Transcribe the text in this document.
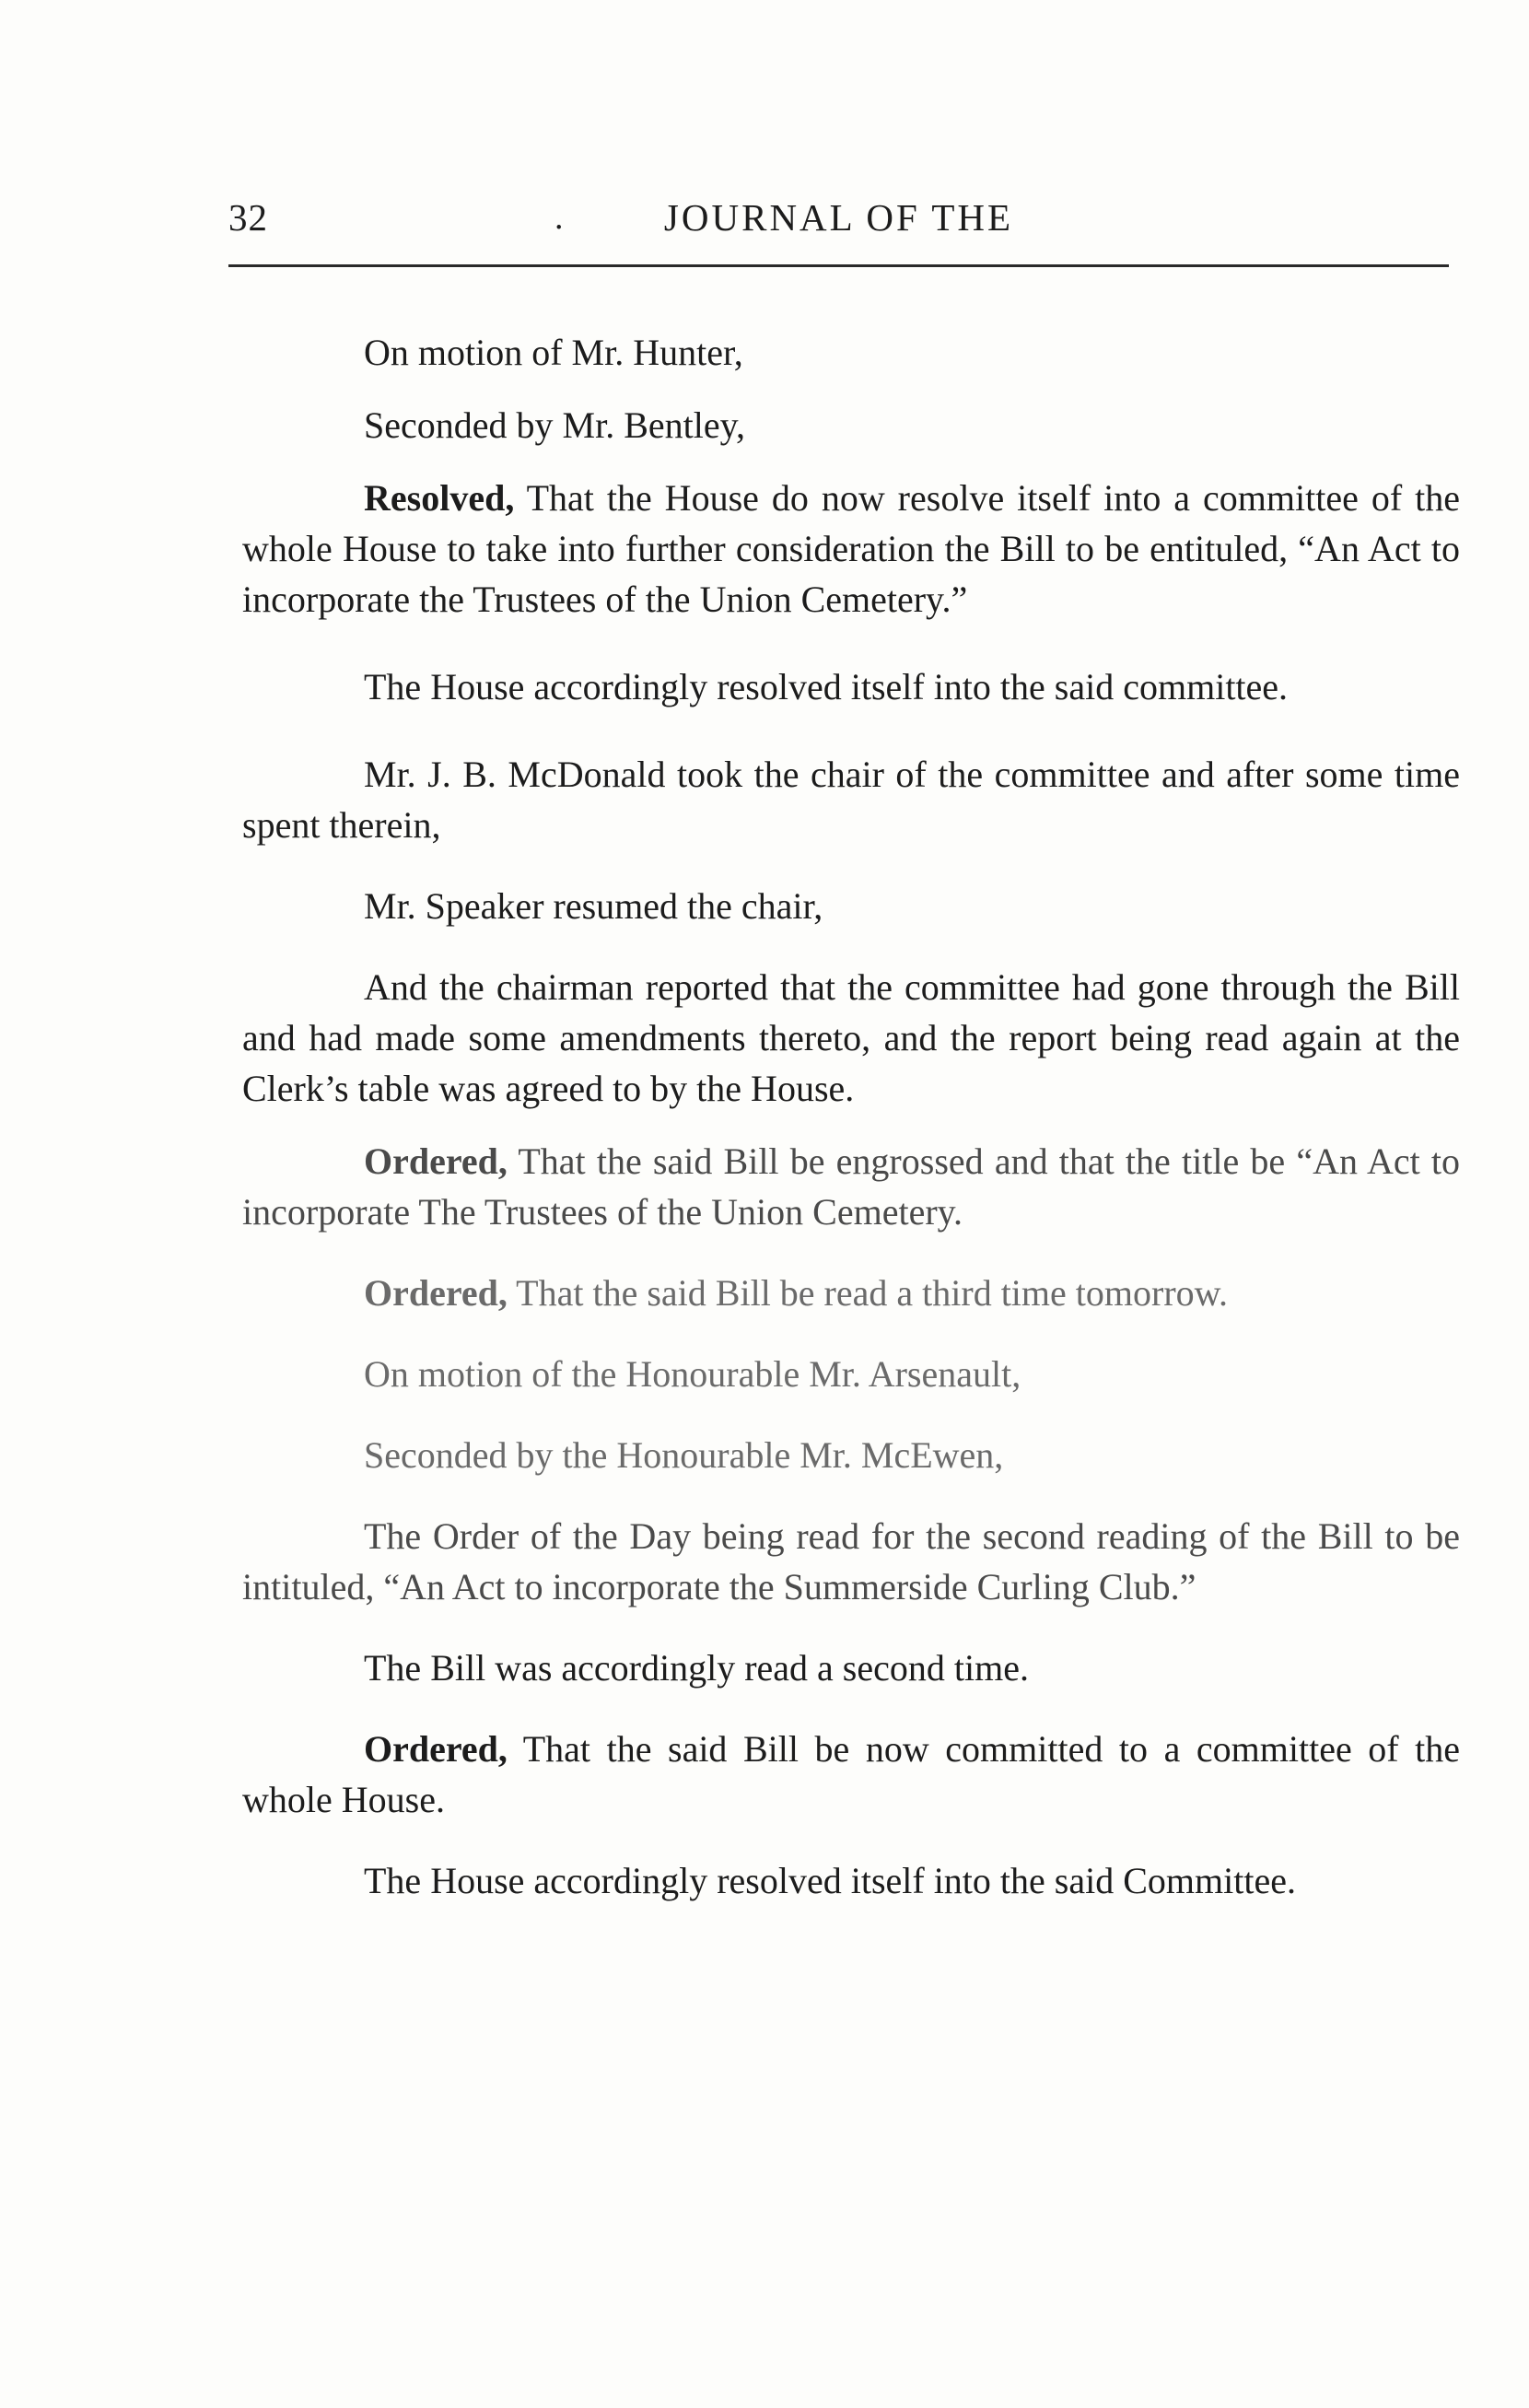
32	.	JOURNAL OF THE

On motion of Mr. Hunter,

Seconded by Mr. Bentley,

Resolved, That the House do now resolve itself into a committee of the whole House to take into further consideration the Bill to be entituled, “An Act to incorporate the Trustees of the Union Cemetery.”

The House accordingly resolved itself into the said committee.

Mr. J. B. McDonald took the chair of the committee and after some time spent therein,

Mr. Speaker resumed the chair,

And the chairman reported that the committee had gone through the Bill and had made some amendments thereto, and the report being read again at the Clerk’s table was agreed to by the House.

Ordered, That the said Bill be engrossed and that the title be “An Act to incorporate The Trustees of the Union Cemetery.

Ordered, That the said Bill be read a third time tomorrow.

On motion of the Honourable Mr. Arsenault,

Seconded by the Honourable Mr. McEwen,

The Order of the Day being read for the second reading of the Bill to be intituled, “An Act to incorporate the Summerside Curling Club.”

The Bill was accordingly read a second time.

Ordered, That the said Bill be now committed to a committee of the whole House.

The House accordingly resolved itself into the said Committee.
